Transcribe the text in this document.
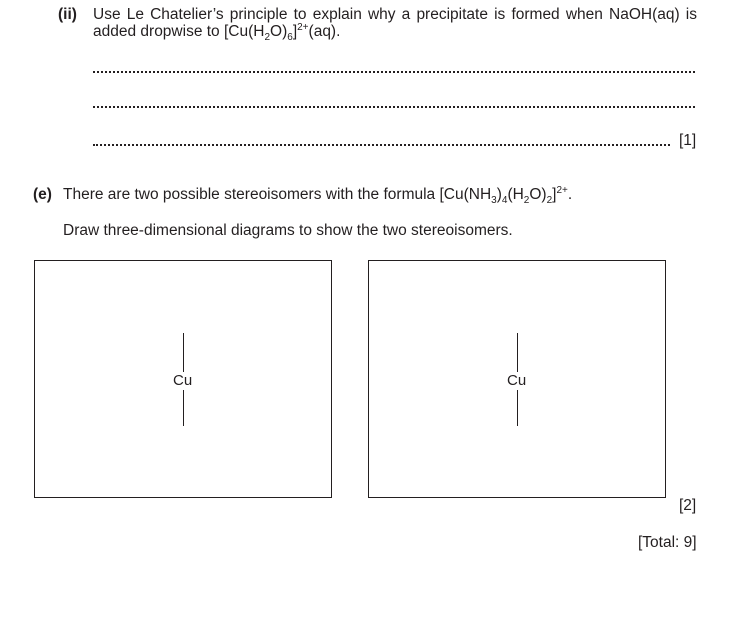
(ii) Use Le Chatelier’s principle to explain why a precipitate is formed when NaOH(aq) is
added dropwise to $[Cu(H_2O)_6]^{2+}(aq)$.
[1]
(e) There are two possible stereoisomers with the formula $[Cu(NH_3)_4(H_2O)_2]^{2+}$.
Draw three-dimensional diagrams to show the two stereoisomers.
Cu	Cu
[2]
[Total: 9]
